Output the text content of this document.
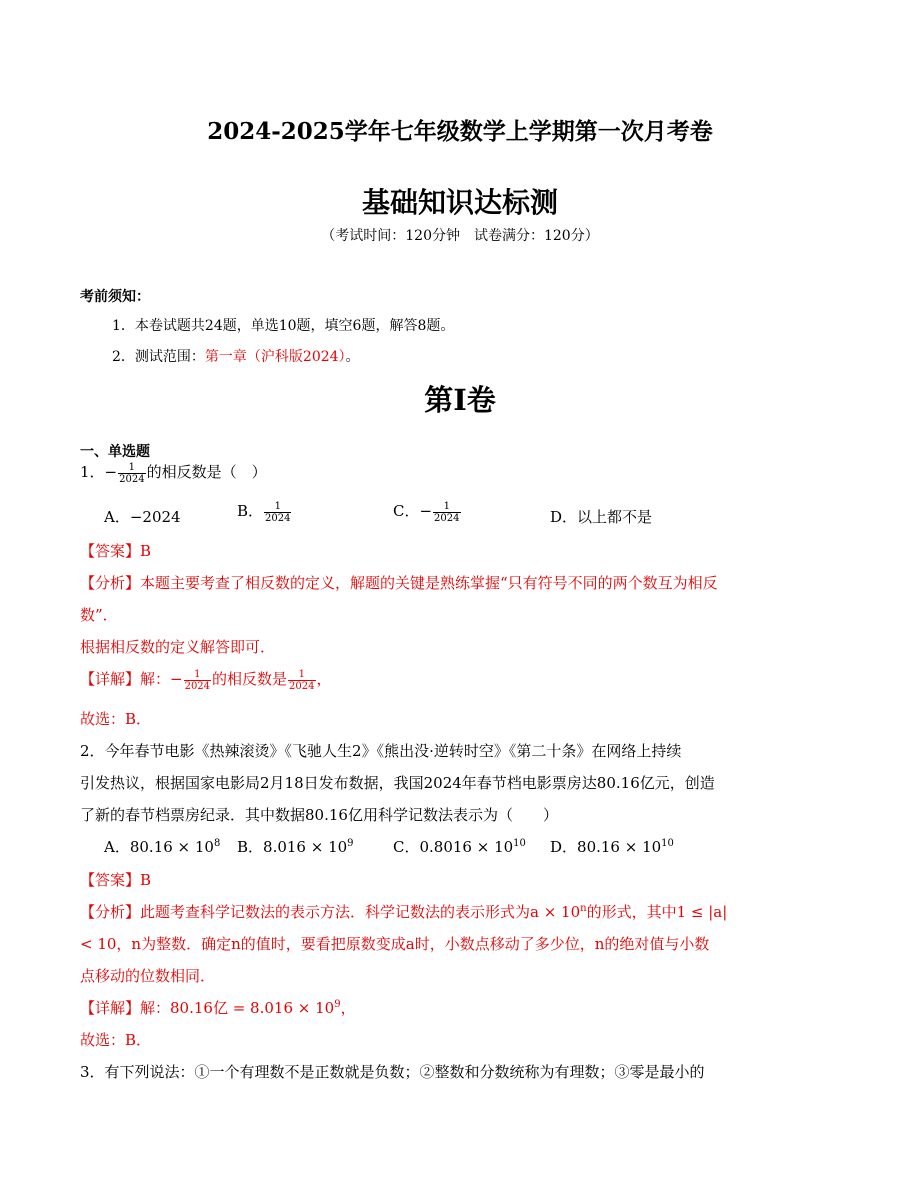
2024-2025学年七年级数学上学期第一次月考卷
基础知识达标测
（考试时间：120分钟　试卷满分：120分）
考前须知：
1．本卷试题共24题，单选10题，填空6题，解答8题。
2．测试范围：第一章（沪科版2024）。
第I卷
一、单选题
1．− $\frac{1}{2024}$ 的相反数是（　）
A．−2024	B． $\frac{1}{2024}$	C．− $\frac{1}{2024}$	D．以上都不是
【答案】B
【分析】本题主要考查了相反数的定义，解题的关键是熟练掌握“只有符号不同的两个数互为相反
数”．
根据相反数的定义解答即可．
【详解】解：− $\frac{1}{2024}$ 的相反数是 $\frac{1}{2024}$ ，
故选：B．
2．今年春节电影《热辣滚烫》《飞驰人生2》《熊出没·逆转时空》《第二十条》在网络上持续
引发热议，根据国家电影局2月18日发布数据，我国2024年春节档电影票房达80.16亿元，创造
了新的春节档票房纪录．其中数据80.16亿用科学记数法表示为（　　）
A．$80.16 \times 10^8$ B．$8.016 \times 10^9$	C．$0.8016 \times 10^{10}$ D．$80.16 \times 10^{10}$
【答案】B
【分析】此题考查科学记数法的表示方法．科学记数法的表示形式为$a \times 10^n$的形式，其中1 ≤ |a|
< 10，n为整数．确定n的值时，要看把原数变成a时，小数点移动了多少位，n的绝对值与小数
点移动的位数相同．
【详解】解：80.16亿 = $8.016 \times 10^9$，
故选：B．
3．有下列说法：①一个有理数不是正数就是负数；②整数和分数统称为有理数；③零是最小的
